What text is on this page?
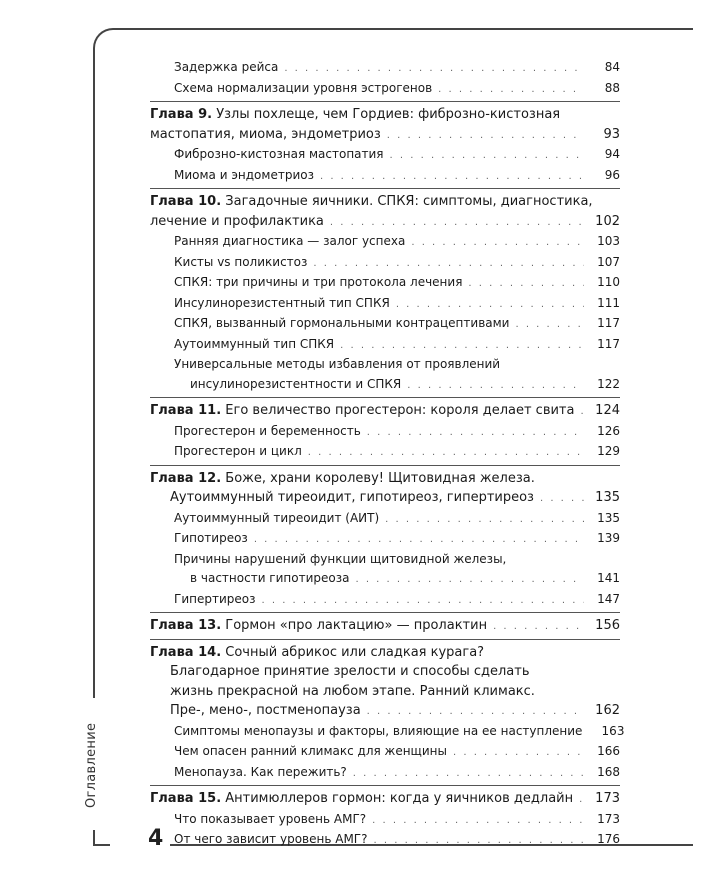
Оглавление
4
Задержка рейса . . .	84
Схема нормализации уровня эстрогенов . . .	88
Глава 9. Узлы похлеще, чем Гордиев: фиброзно-кистозная
мастопатия, миома, эндометриоз . . .	93
Фиброзно-кистозная мастопатия . . .	94
Миома и эндометриоз . . .	96
Глава 10. Загадочные яичники. СПКЯ: симптомы, диагностика,
лечение и профилактика . . .	102
Ранняя диагностика — залог успеха . . .	103
Кисты vs поликистоз . . .	107
СПКЯ: три причины и три протокола лечения . . .	110
Инсулинорезистентный тип СПКЯ . . .	111
СПКЯ, вызванный гормональными контрацептивами . . .	117
Аутоиммунный тип СПКЯ . . .	117
Универсальные методы избавления от проявлений
инсулинорезистентности и СПКЯ . . .	122
Глава 11. Его величество прогестерон: короля делает свита . . .	124
Прогестерон и беременность . . .	126
Прогестерон и цикл . . .	129
Глава 12. Боже, храни королеву! Щитовидная железа.
Аутоиммунный тиреоидит, гипотиреоз, гипертиреоз . . .	135
Аутоиммунный тиреоидит (АИТ) . . .	135
Гипотиреоз . . .	139
Причины нарушений функции щитовидной железы,
в частности гипотиреоза . . .	141
Гипертиреоз . . .	147
Глава 13. Гормон «про лактацию» — пролактин . . .	156
Глава 14. Сочный абрикос или сладкая курага?
Благодарное принятие зрелости и способы сделать
жизнь прекрасной на любом этапе. Ранний климакс.
Пре-, мено-, постменопауза . . .	162
Симптомы менопаузы и факторы, влияющие на ее наступление	163
Чем опасен ранний климакс для женщины . . .	166
Менопауза. Как пережить? . . .	168
Глава 15. Антимюллеров гормон: когда у яичников дедлайн . . .	173
Что показывает уровень АМГ? . . .	173
От чего зависит уровень АМГ? . . .	176
